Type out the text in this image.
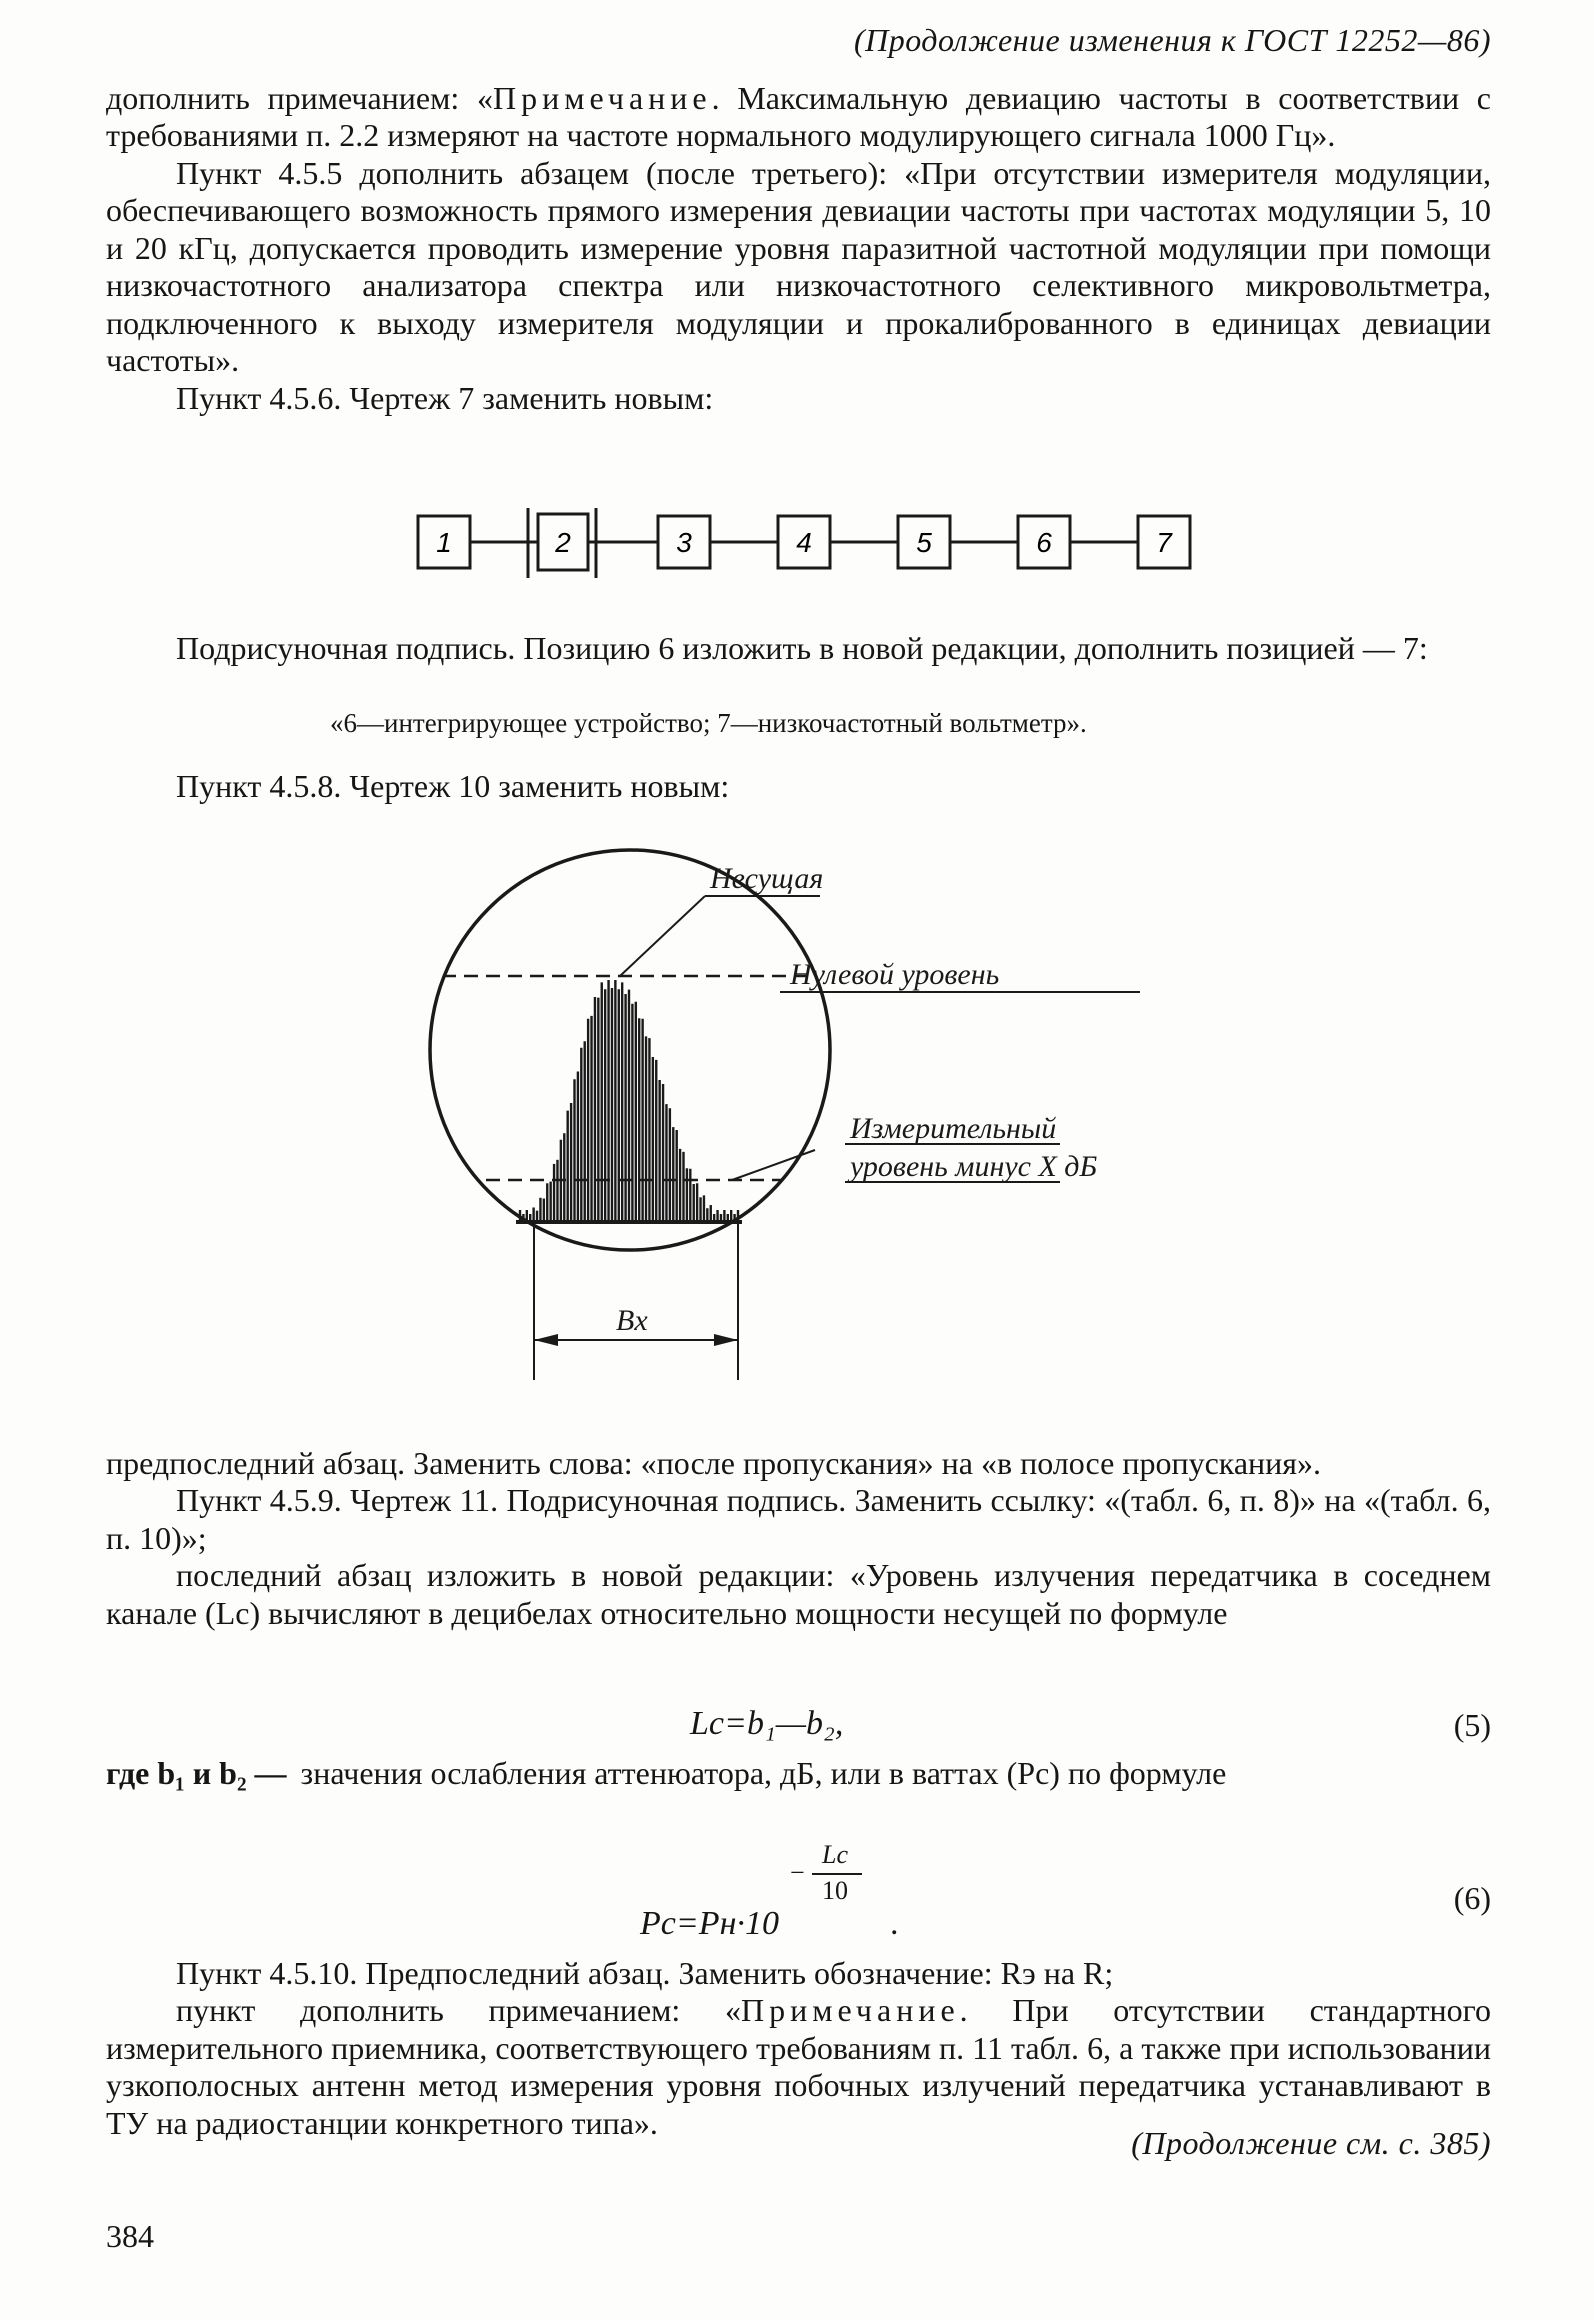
(Продолжение изменения к ГОСТ 12252—86)

дополнить примечанием: «Примечание. Максимальную девиацию частоты в соответствии с требованиями п. 2.2 измеряют на частоте нормального модулирующего сигнала 1000 Гц».

Пункт 4.5.5 дополнить абзацем (после третьего): «При отсутствии измерителя модуляции, обеспечивающего возможность прямого измерения девиации частоты при частотах модуляции 5, 10 и 20 кГц, допускается проводить измерение уровня паразитной частотной модуляции при помощи низкочастотного анализатора спектра или низкочастотного селективного микровольтметра, подключенного к выходу измерителя модуляции и прокалиброванного в единицах девиации частоты».

Пункт 4.5.6. Чертеж 7 заменить новым:

1	2	3	4	5	6	7

Подрисуночная подпись. Позицию 6 изложить в новой редакции, дополнить позицией — 7:

«6—интегрирующее устройство; 7—низкочастотный вольтметр».

Пункт 4.5.8. Чертеж 10 заменить новым:

Несущая
Нулевой уровень
Измерительный
уровень минус X дБ
Bx

предпоследний абзац. Заменить слова: «после пропускания» на «в полосе пропускания».

Пункт 4.5.9. Чертеж 11. Подрисуночная подпись. Заменить ссылку: «(табл. 6, п. 8)» на «(табл. 6, п. 10)»;

последний абзац изложить в новой редакции: «Уровень излучения передатчика в соседнем канале (Lс) вычисляют в децибелах относительно мощности несущей по формуле

Lс=b₁—b₂,	(5)
где b₁ и b₂ — значения ослабления аттенюатора, дБ, или в ваттах (Pс) по формуле
Pс=Pн·10
−
Lс
10
.
(6)

Пункт 4.5.10. Предпоследний абзац. Заменить обозначение: Rэ на R;

пункт дополнить примечанием: «Примечание. При отсутствии стандартного измерительного приемника, соответствующего требованиям п. 11 табл. 6, а также при использовании узкополосных антенн метод измерения уровня побочных излучений передатчика устанавливают в ТУ на радиостанции конкретного типа».

(Продолжение см. с. 385)
384
